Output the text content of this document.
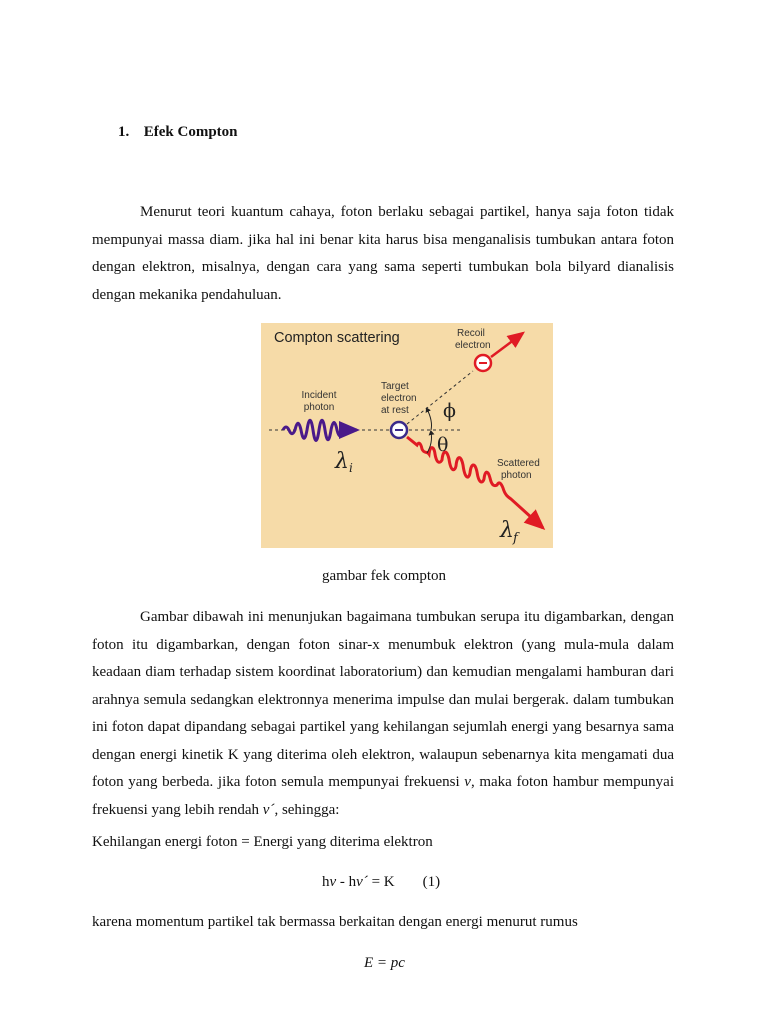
1. Efek Compton
Menurut teori kuantum cahaya, foton berlaku sebagai partikel, hanya saja foton tidak mempunyai massa diam. jika hal ini benar kita harus bisa menganalisis tumbukan antara foton dengan elektron, misalnya, dengan cara yang sama seperti tumbukan bola bilyard dianalisis dengan mekanika pendahuluan.
Compton scattering
Incident
photon
Target
electron
at rest
Recoil
electron
Scattered
photon
λ i
λ f
ϕ
θ
gambar fek compton
Gambar dibawah ini menunjukan bagaimana tumbukan serupa itu digambarkan, dengan foton itu digambarkan, dengan foton sinar-x menumbuk elektron (yang mula-mula dalam keadaan diam terhadap sistem koordinat laboratorium) dan kemudian mengalami hamburan dari arahnya semula sedangkan elektronnya menerima impulse dan mulai bergerak. dalam tumbukan ini foton dapat dipandang sebagai partikel yang kehilangan sejumlah energi yang besarnya sama dengan energi kinetik K yang diterima oleh elektron, walaupun sebenarnya kita mengamati dua foton yang berbeda. jika foton semula mempunyai frekuensi v, maka foton hambur mempunyai frekuensi yang lebih rendah v´, sehingga:
Kehilangan energi foton = Energi yang diterima elektron
hv - hv´ = K (1)
karena momentum partikel tak bermassa berkaitan dengan energi menurut rumus
E = pc
